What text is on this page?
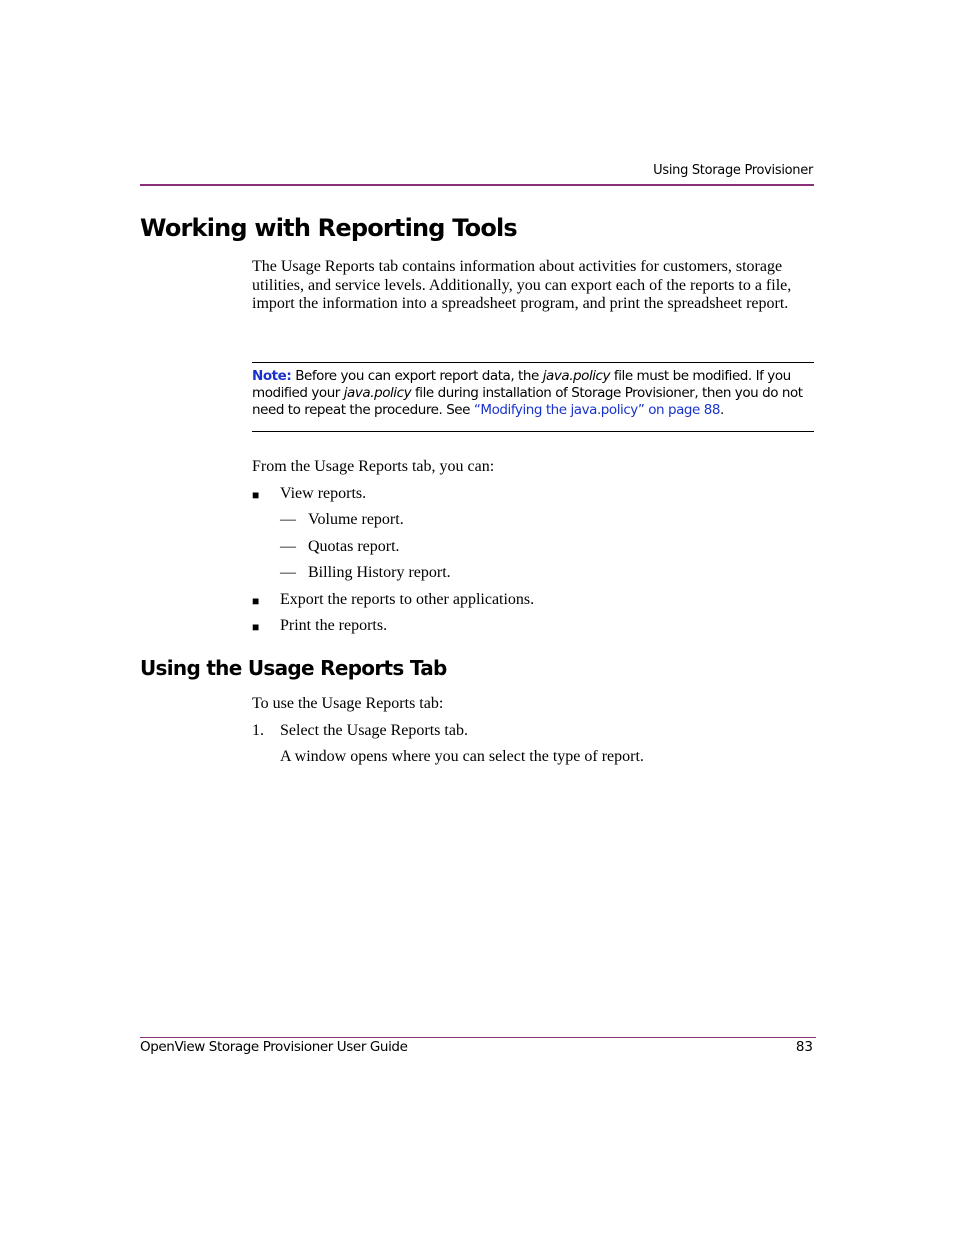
Using Storage Provisioner
Working with Reporting Tools
The Usage Reports tab contains information about activities for customers, storage utilities, and service levels. Additionally, you can export each of the reports to a file, import the information into a spreadsheet program, and print the spreadsheet report.
Note: Before you can export report data, the java.policy file must be modified. If you modified your java.policy file during installation of Storage Provisioner, then you do not need to repeat the procedure. See “Modifying the java.policy” on page 88.
From the Usage Reports tab, you can:
■ View reports.
— Volume report.
— Quotas report.
— Billing History report.
■ Export the reports to other applications.
■ Print the reports.
Using the Usage Reports Tab
To use the Usage Reports tab:
1. Select the Usage Reports tab.
A window opens where you can select the type of report.
OpenView Storage Provisioner User Guide	83
